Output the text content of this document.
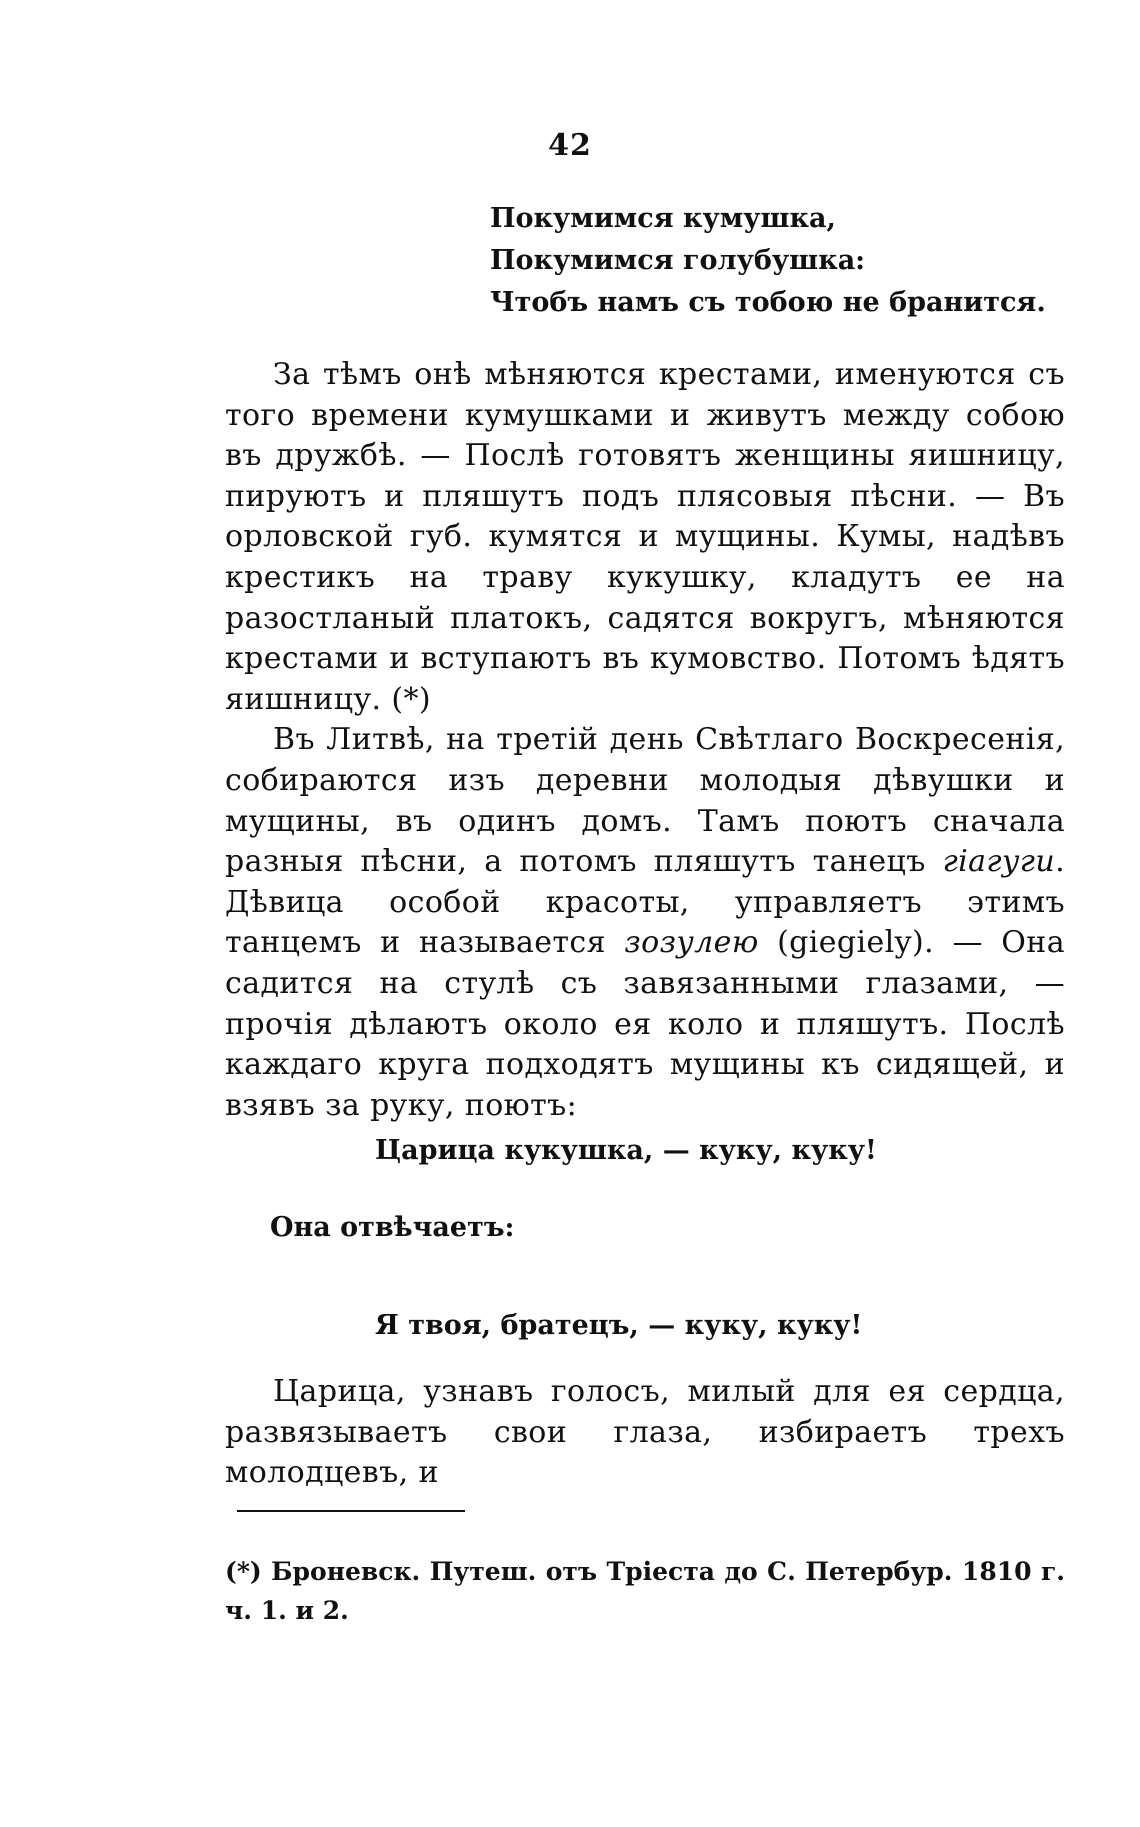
42
Покумимся кумушка,
Покумимся голубушка:
Чтобъ намъ съ тобою не бранится.

За тѣмъ онѣ мѣняются крестами, именуются съ того времени кумушками и живутъ между собою въ дружбѣ. — Послѣ готовятъ женщины яишницу, пируютъ и пляшутъ подъ плясовыя пѣсни. — Въ орловской губ. кумятся и мущины. Кумы, надѣвъ крестикъ на траву кукушку, кладутъ ее на разостланый платокъ, садятся вокругъ, мѣняются крестами и вступаютъ въ кумовство. Потомъ ѣдятъ яишницу. (*)

Въ Литвѣ, на третій день Свѣтлаго Воскресенія, собираются изъ деревни молодыя дѣвушки и мущины, въ одинъ домъ. Тамъ поютъ сначала разныя пѣсни, а потомъ пляшутъ танецъ гіагуги. Дѣвица особой красоты, управляетъ этимъ танцемъ и называется зозулею (giegiely). — Она садится на стулѣ съ завязанными глазами, — прочія дѣлаютъ около ея коло и пляшутъ. Послѣ каждаго круга подходятъ мущины къ сидящей, и взявъ за руку, поютъ:

Царица кукушка, — куку, куку!
Она отвѣчаетъ:
Я твоя, братецъ, — куку, куку!

Царица, узнавъ голосъ, милый для ея сердца, развязываетъ свои глаза, избираетъ трехъ молодцевъ, и

(*) Броневск. Путеш. отъ Тріеста до С. Петербур. 1810 г. ч. 1. и 2.
